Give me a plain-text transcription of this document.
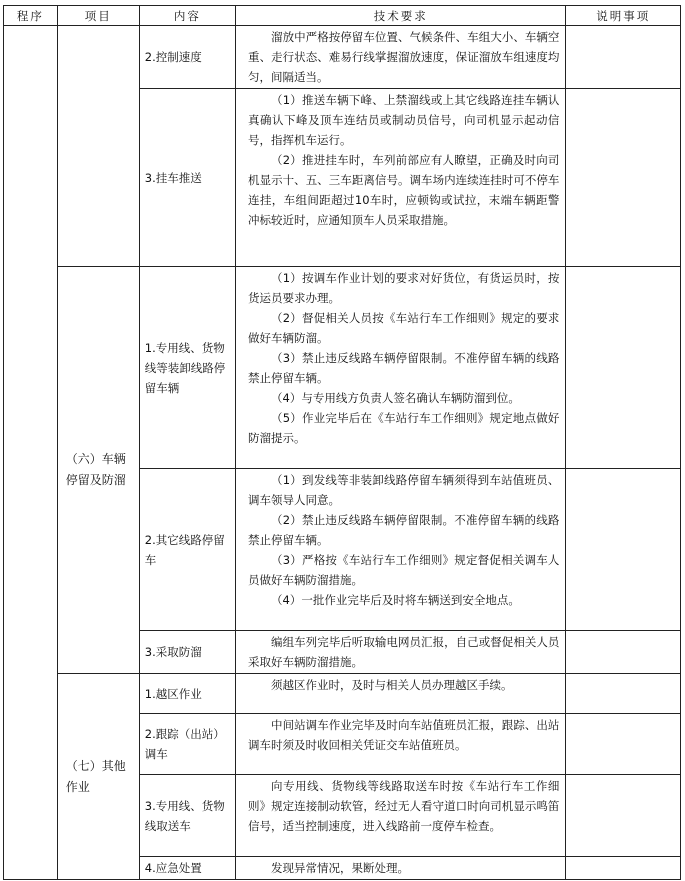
程序	项目	内容	技术要求	说明事项
		2.控制速度	溜放中严格按停留车位置、气候条件、车组大小、车辆空重、走行状态、难易行线掌握溜放速度，保证溜放车组速度均匀，间隔适当。	

		3.挂车推送	（1）推送车辆下峰、上禁溜线或上其它线路连挂车辆认真确认下峰及顶车连结员或制动员信号，向司机显示起动信号，指挥机车运行。

（2）推进挂车时，车列前部应有人瞭望，正确及时向司机显示十、五、三车距离信号。调车场内连续连挂时可不停车连挂，车组间距超过10车时，应顿钩或试拉，末端车辆距警冲标较近时，应通知顶车人员采取措施。	

	（六）车辆停留及防溜	1.专用线、货物线等装卸线路停留车辆	（1）按调车作业计划的要求对好货位，有货运员时，按货运员要求办理。

（2）督促相关人员按《车站行车工作细则》规定的要求做好车辆防溜。

（3）禁止违反线路车辆停留限制。不准停留车辆的线路禁止停留车辆。

（4）与专用线方负责人签名确认车辆防溜到位。

（5）作业完毕后在《车站行车工作细则》规定地点做好防溜提示。	

		2.其它线路停留车	（1）到发线等非装卸线路停留车辆须得到车站值班员、调车领导人同意。

（2）禁止违反线路车辆停留限制。不准停留车辆的线路禁止停留车辆。

（3）严格按《车站行车工作细则》规定督促相关调车人员做好车辆防溜措施。

（4）一批作业完毕后及时将车辆送到安全地点。	

		3.采取防溜	编组车列完毕后听取输电网员汇报，自己或督促相关人员采取好车辆防溜措施。	

	（七）其他作业	1.越区作业	须越区作业时，及时与相关人员办理越区手续。	

		2.跟踪（出站）调车	中间站调车作业完毕及时向车站值班员汇报，跟踪、出站调车时须及时收回相关凭证交车站值班员。	

		3.专用线、货物线取送车	向专用线、货物线等线路取送车时按《车站行车工作细则》规定连接制动软管，经过无人看守道口时向司机显示鸣笛信号，适当控制速度，进入线路前一度停车检查。	

		4.应急处置	发现异常情况，果断处理。	
